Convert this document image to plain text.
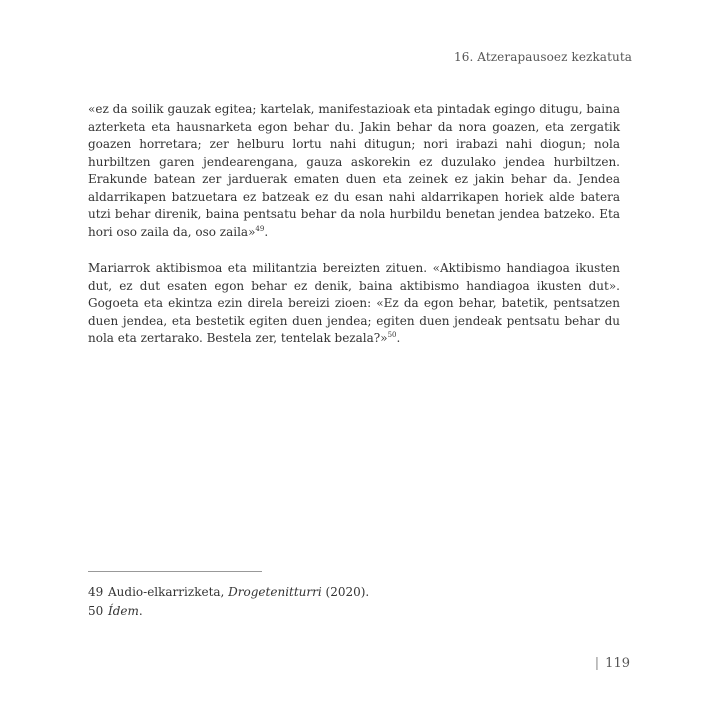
16. Atzerapausoez kezkatuta

«ez da soilik gauzak egitea; kartelak, manifestazioak eta pintadak egingo ditugu, baina azterketa eta hausnarketa egon behar du. Jakin behar da nora goazen, eta zergatik goazen horretara; zer helburu lortu nahi ditugun; nori irabazi nahi diogun; nola hurbiltzen garen jendearengana, gauza askorekin ez duzulako jendea hurbiltzen. Erakunde batean zer jarduerak ematen duen eta zeinek ez jakin behar da. Jendea aldarrikapen batzuetara ez batzeak ez du esan nahi aldarrikapen horiek alde batera utzi behar direnik, baina pentsatu behar da nola hurbildu benetan jendea batzeko. Eta hori oso zaila da, oso zaila»$^{49}$.

Mariarrok aktibismoa eta militantzia bereizten zituen. «Aktibismo handiagoa ikusten dut, ez dut esaten egon behar ez denik, baina aktibismo handiagoa ikusten dut». Gogoeta eta ekintza ezin direla bereizi zioen: «Ez da egon behar, batetik, pentsatzen duen jendea, eta bestetik egiten duen jendea; egiten duen jendeak pentsatu behar du nola eta zertarako. Bestela zer, tentelak bezala?»$^{50}$.

49 Audio-elkarrizketa, Drogetenitturri (2020).
50 Ídem.
| 119
